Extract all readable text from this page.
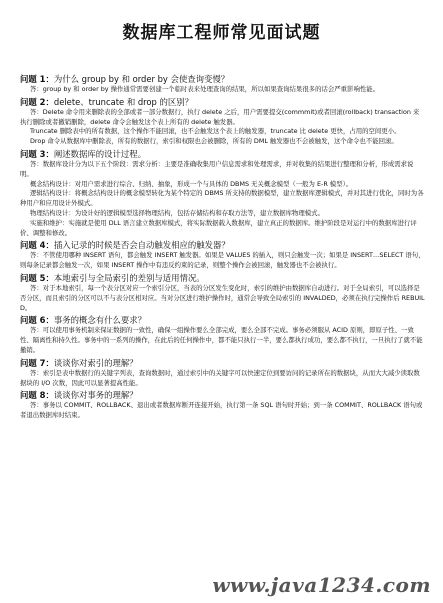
数据库工程师常见面试题
问题 1：为什么 group by 和 order by 会使查询变慢？

答：group by 和 order by 操作通常需要创建一个临时表来处理查询的结果，所以如果查询结果很多的话会严重影响性能。

问题 2：delete、truncate 和 drop 的区别？

答：Delete 命令用来删除表的全部或者一部分数据行，执行 delete 之后，用户需要提交(commmit)或者回滚(rollback) transaction 来执行删除或者撤销删除，delete 命令会触发这个表上所有的 delete 触发器。

Truncate 删除表中的所有数据，这个操作不能回滚，也不会触发这个表上的触发器，truncate 比 delete 更快，占用的空间更小。

Drop 命令从数据库中删除表，所有的数据行，索引和权限也会被删除，所有的 DML 触发器也不会被触发，这个命令也不能回滚。

问题 3：阐述数据库的设计过程。

答：数据库设计分为以下五个阶段：需求分析：主要是准确收集用户信息需求和处理需求，并对收集的结果进行整理和分析，形成需求说明。

概念结构设计：对用户需求进行综合、归纳、抽象，形成一个与具体的 DBMS 无关概念模型（一般为 E-R 模型）。

逻辑结构设计：将概念结构设计的概念模型转化为某个特定的 DBMS 所支持的数据模型，建立数据库逻辑模式，并对其进行优化，同时为各种用户和应用设计外模式。

物理结构设计：为设计好的逻辑模型选择物理结构，包括存储结构和存取方法等，建立数据库物理模式。

实施和维护：实施就是使用 DLL 语言建立数据库模式，将实际数据载入数据库，建立真正的数据库。维护阶段是对运行中的数据库进行评价、调整和修改。

问题 4：插入记录的时候是否会自动触发相应的触发器？

答：不管使用哪种 INSERT 语句，都会触发 INSERT 触发器。如果是 VALUES 的插入，则只会触发一次；如果是 INSERT…SELECT 语句，则每条记录都会触发一次，如果 INSERT 操作中有违反约束的记录，则整个操作会被回滚，触发器也不会被执行。

问题 5：本地索引与全局索引的差别与适用情况。

答：对于本地索引，每一个表分区对应一个索引分区，当表的分区发生变化时，索引的维护由数据库自动进行。对于全局索引，可以选择是否分区，而且索引的分区可以不与表分区相对应。当对分区进行维护操作时，通常会导致全局索引的 INVALDED，必须在执行完操作后 REBUILD。

问题 6：事务的概念有什么要求？

答：可以使用事务机制来保证数据的一致性，确保一组操作要么全部完成，要么全部不完成。事务必须服从 ACID 原则，即原子性、一致性、隔离性和持久性。事务中的一系列的操作，在此后的任何操作中，都不能只执行一半，要么都执行成功，要么都不执行，一旦执行了就不能撤销。

问题 7：谈谈你对索引的理解？

答：索引是表中数据行的关键字列表，查询数据时，通过索引中的关键字可以快速定位到要访问的记录所在的数据块，从而大大减少读取数据块的 I/O 次数，因此可以显著提高性能。

问题 8：谈谈你对事务的理解？

答：事务以 COMMIT、ROLLBACK、退出或者数据库断开连接开始，执行第一条 SQL 语句时开始；到一条 COMMIT、ROLLBACK 语句或者退出数据库时结束。

www.java1234.com
